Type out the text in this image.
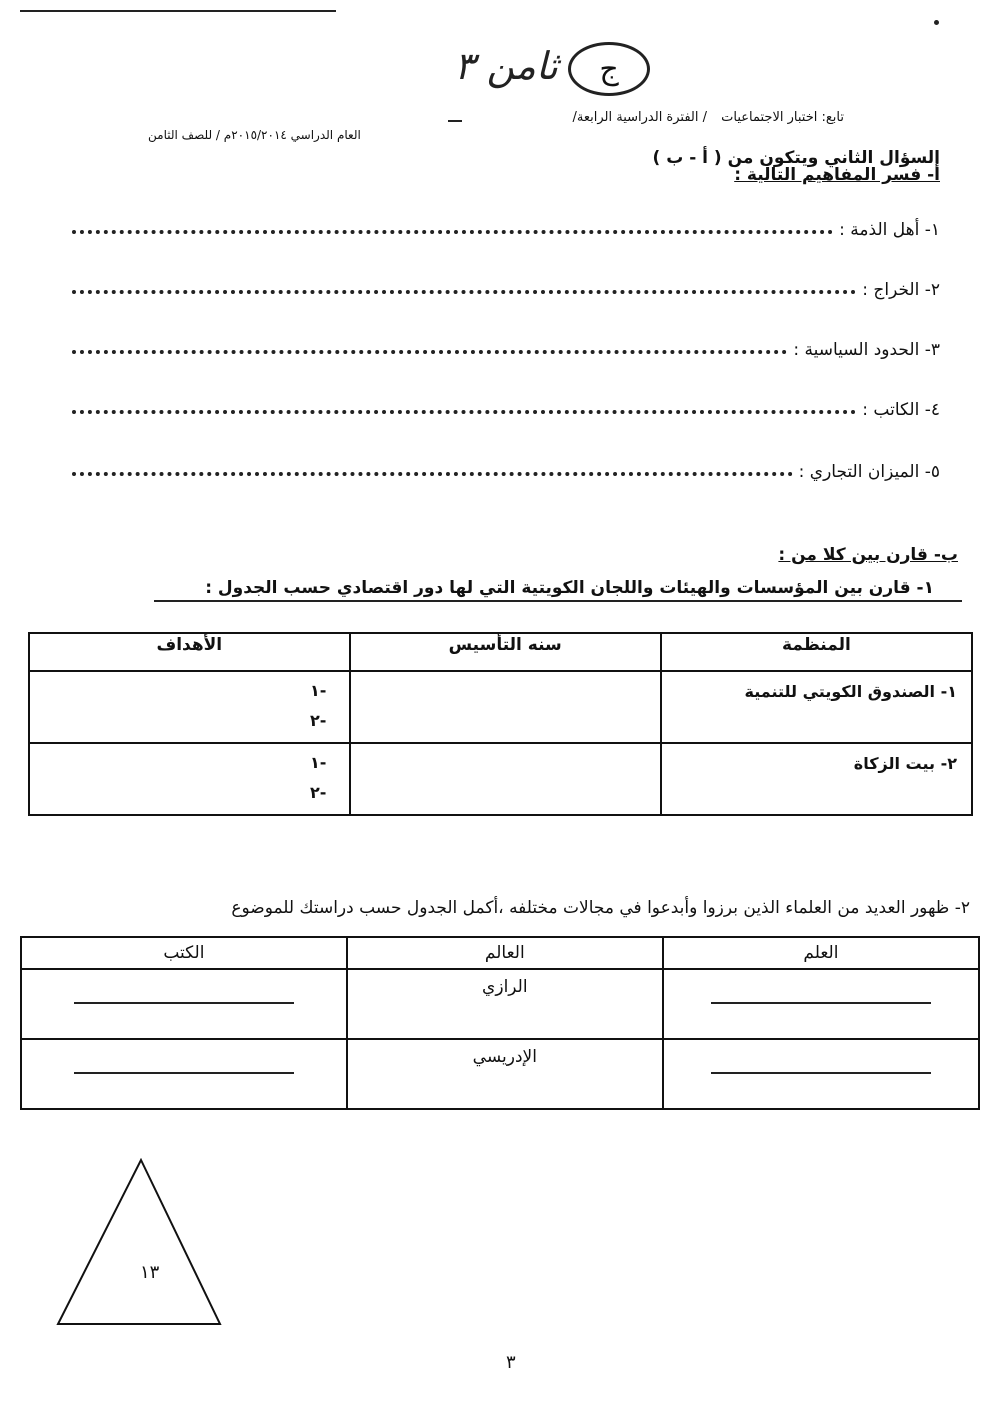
ج
ثامن ٣
تابع: اختبار الاجتماعيات / الفترة الدراسية الرابعة/
العام الدراسي ٢٠١٥/٢٠١٤م / للصف الثامن
السؤال الثاني ويتكون من ( أ - ب )
أ- فسر المفاهيم التالية :
١- أهل الذمة :
٢- الخراج :
٣- الحدود السياسية :
٤- الكاتب :
٥- الميزان التجاري :
ب- قارن بين كلا من :
١- قارن بين المؤسسات والهيئات واللجان الكويتية التي لها دور اقتصادي حسب الجدول :
المنظمة	سنه التأسيس	الأهداف
١- الصندوق الكويتي للتنمية		-١
-٢

٢- بيت الزكاة		-١
-٢
٢- ظهور العديد من العلماء الذين برزوا وأبدعوا في مجالات مختلفه ،أكمل الجدول حسب دراستك للموضوع
العلم	العالم	الكتب

	الرازي	

	الإدريسي	

١٣
٣
